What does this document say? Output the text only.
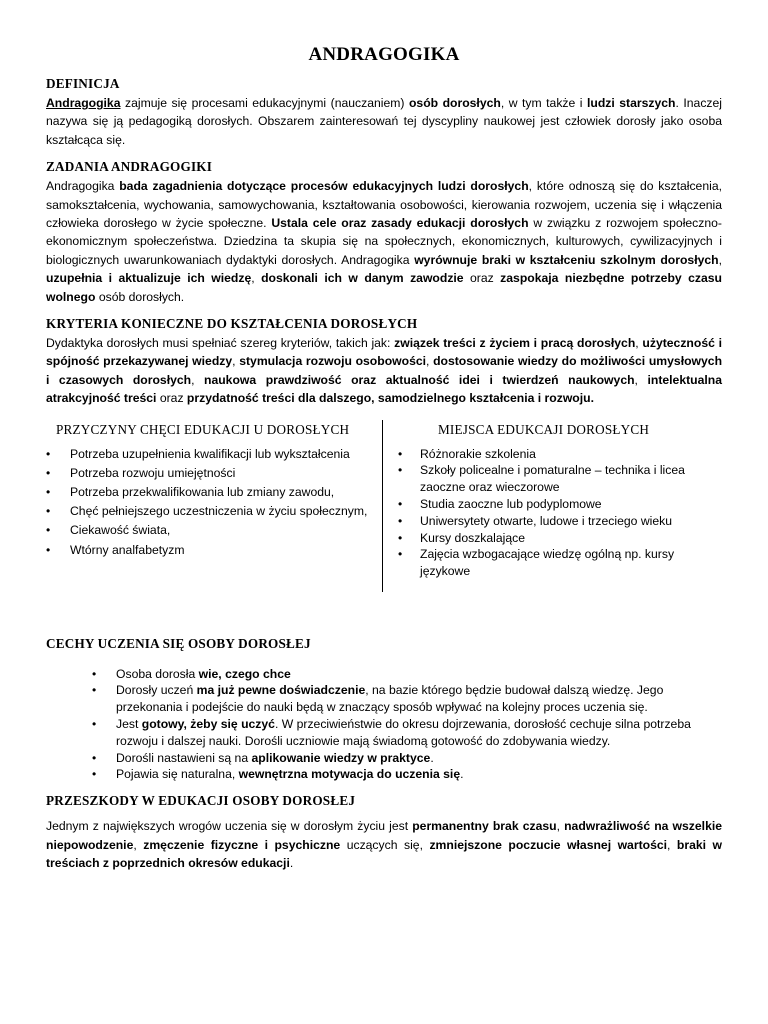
ANDRAGOGIKA
DEFINICJA

Andragogika zajmuje się procesami edukacyjnymi (nauczaniem) osób dorosłych, w tym także i ludzi starszych. Inaczej nazywa się ją pedagogiką dorosłych. Obszarem zainteresowań tej dyscypliny naukowej jest człowiek dorosły jako osoba kształcąca się.

ZADANIA ANDRAGOGIKI

Andragogika bada zagadnienia dotyczące procesów edukacyjnych ludzi dorosłych, które odnoszą się do kształcenia, samokształcenia, wychowania, samowychowania, kształtowania osobowości, kierowania rozwojem, uczenia się i włączenia człowieka dorosłego w życie społeczne. Ustala cele oraz zasady edukacji dorosłych w związku z rozwojem społeczno-ekonomicznym społeczeństwa. Dziedzina ta skupia się na społecznych, ekonomicznych, kulturowych, cywilizacyjnych i biologicznych uwarunkowaniach dydaktyki dorosłych. Andragogika wyrównuje braki w kształceniu szkolnym dorosłych, uzupełnia i aktualizuje ich wiedzę, doskonali ich w danym zawodzie oraz zaspokaja niezbędne potrzeby czasu wolnego osób dorosłych.

KRYTERIA KONIECZNE DO KSZTAŁCENIA DOROSŁYCH

Dydaktyka dorosłych musi spełniać szereg kryteriów, takich jak: związek treści z życiem i pracą dorosłych, użyteczność i spójność przekazywanej wiedzy, stymulacja rozwoju osobowości, dostosowanie wiedzy do możliwości umysłowych i czasowych dorosłych, naukowa prawdziwość oraz aktualność idei i twierdzeń naukowych, intelektualna atrakcyjność treści oraz przydatność treści dla dalszego, samodzielnego kształcenia i rozwoju.

PRZYCZYNY CHĘCI EDUKACJI U DOROSŁYCH
• Potrzeba uzupełnienia kwalifikacji lub wykształcenia
• Potrzeba rozwoju umiejętności
• Potrzeba przekwalifikowania lub zmiany zawodu,
• Chęć pełniejszego uczestniczenia w życiu społecznym,
• Ciekawość świata,
• Wtórny analfabetyzm
MIEJSCA EDUKCAJI DOROSŁYCH
• Różnorakie szkolenia
• Szkoły policealne i pomaturalne – technika i licea zaoczne oraz wieczorowe
• Studia zaoczne lub podyplomowe
• Uniwersytety otwarte, ludowe i trzeciego wieku
• Kursy doszkalające
• Zajęcia wzbogacające wiedzę ogólną np. kursy językowe
CECHY UCZENIA SIĘ OSOBY DOROSŁEJ
• Osoba dorosła wie, czego chce
• Dorosły uczeń ma już pewne doświadczenie, na bazie którego będzie budował dalszą wiedzę. Jego przekonania i podejście do nauki będą w znaczący sposób wpływać na kolejny proces uczenia się.
• Jest gotowy, żeby się uczyć. W przeciwieństwie do okresu dojrzewania, dorosłość cechuje silna potrzeba rozwoju i dalszej nauki. Dorośli uczniowie mają świadomą gotowość do zdobywania wiedzy.
• Dorośli nastawieni są na aplikowanie wiedzy w praktyce.
• Pojawia się naturalna, wewnętrzna motywacja do uczenia się.
PRZESZKODY W EDUKACJI OSOBY DOROSŁEJ

Jednym z największych wrogów uczenia się w dorosłym życiu jest permanentny brak czasu, nadwrażliwość na wszelkie niepowodzenie, zmęczenie fizyczne i psychiczne uczących się, zmniejszone poczucie własnej wartości, braki w treściach z poprzednich okresów edukacji.
